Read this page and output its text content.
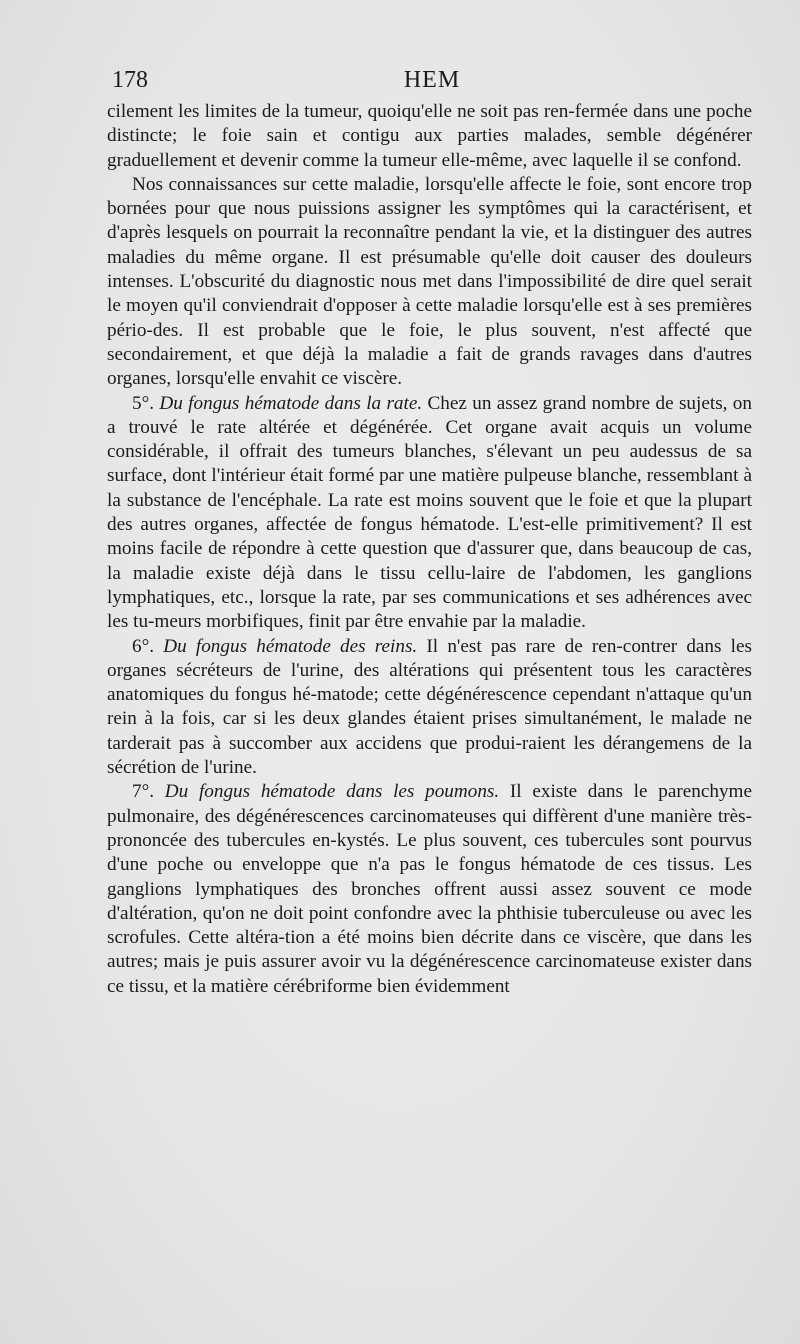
178	HEM

cilement les limites de la tumeur, quoiqu'elle ne soit pas ren-fermée dans une poche distincte; le foie sain et contigu aux parties malades, semble dégénérer graduellement et devenir comme la tumeur elle-même, avec laquelle il se confond.

Nos connaissances sur cette maladie, lorsqu'elle affecte le foie, sont encore trop bornées pour que nous puissions assigner les symptômes qui la caractérisent, et d'après lesquels on pourrait la reconnaître pendant la vie, et la distinguer des autres maladies du même organe. Il est présumable qu'elle doit causer des douleurs intenses. L'obscurité du diagnostic nous met dans l'impossibilité de dire quel serait le moyen qu'il conviendrait d'opposer à cette maladie lorsqu'elle est à ses premières pério-des. Il est probable que le foie, le plus souvent, n'est affecté que secondairement, et que déjà la maladie a fait de grands ravages dans d'autres organes, lorsqu'elle envahit ce viscère.

5°. Du fongus hématode dans la rate. Chez un assez grand nombre de sujets, on a trouvé le rate altérée et dégénérée. Cet organe avait acquis un volume considérable, il offrait des tumeurs blanches, s'élevant un peu audessus de sa surface, dont l'intérieur était formé par une matière pulpeuse blanche, ressemblant à la substance de l'encéphale. La rate est moins souvent que le foie et que la plupart des autres organes, affectée de fongus hématode. L'est-elle primitivement? Il est moins facile de répondre à cette question que d'assurer que, dans beaucoup de cas, la maladie existe déjà dans le tissu cellu-laire de l'abdomen, les ganglions lymphatiques, etc., lorsque la rate, par ses communications et ses adhérences avec les tu-meurs morbifiques, finit par être envahie par la maladie.

6°. Du fongus hématode des reins. Il n'est pas rare de ren-contrer dans les organes sécréteurs de l'urine, des altérations qui présentent tous les caractères anatomiques du fongus hé-matode; cette dégénérescence cependant n'attaque qu'un rein à la fois, car si les deux glandes étaient prises simultanément, le malade ne tarderait pas à succomber aux accidens que produi-raient les dérangemens de la sécrétion de l'urine.

7°. Du fongus hématode dans les poumons. Il existe dans le parenchyme pulmonaire, des dégénérescences carcinomateuses qui diffèrent d'une manière très-prononcée des tubercules en-kystés. Le plus souvent, ces tubercules sont pourvus d'une poche ou enveloppe que n'a pas le fongus hématode de ces tissus. Les ganglions lymphatiques des bronches offrent aussi assez souvent ce mode d'altération, qu'on ne doit point confondre avec la phthisie tuberculeuse ou avec les scrofules. Cette altéra-tion a été moins bien décrite dans ce viscère, que dans les autres; mais je puis assurer avoir vu la dégénérescence carcinomateuse exister dans ce tissu, et la matière cérébriforme bien évidemment
